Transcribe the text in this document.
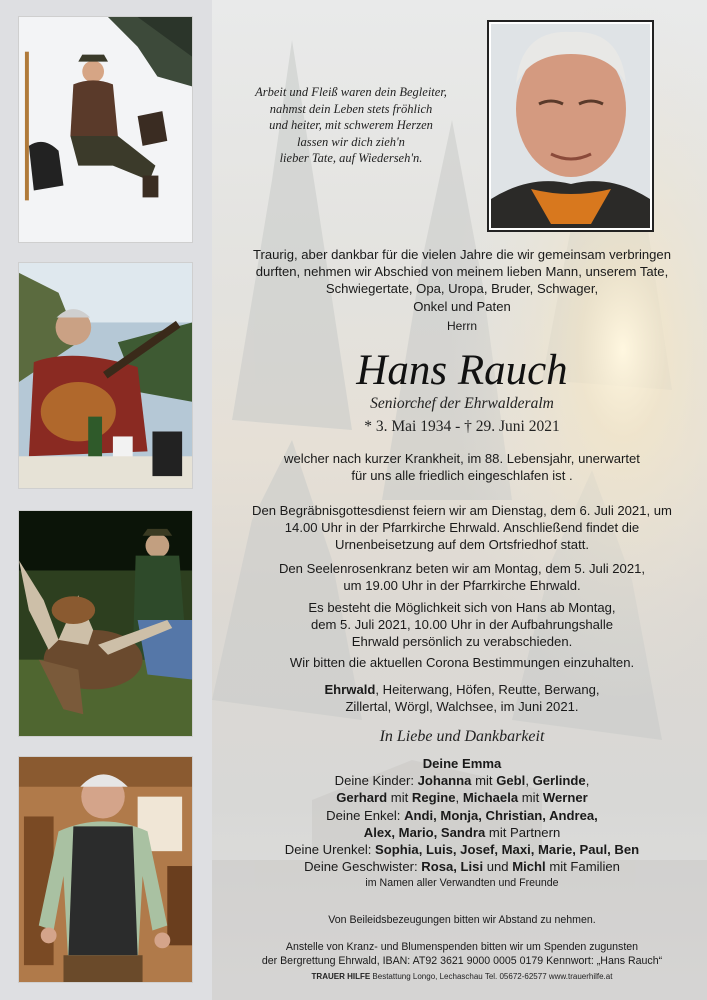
Arbeit und Fleiß waren dein Begleiter,
nahmst dein Leben stets fröhlich
und heiter, mit schwerem Herzen
lassen wir dich zieh'n
lieber Tate, auf Wiederseh'n.
Traurig, aber dankbar für die vielen Jahre die wir gemeinsam verbringen
durften, nehmen wir Abschied von meinem lieben Mann, unserem Tate,
Schwiegertate, Opa, Uropa, Bruder, Schwager,
Onkel und Paten
Herrn
Hans Rauch
Seniorchef der Ehrwalderalm
* 3. Mai 1934 - † 29. Juni 2021
welcher nach kurzer Krankheit, im 88. Lebensjahr, unerwartet
für uns alle friedlich eingeschlafen ist .
Den Begräbnisgottesdienst feiern wir am Dienstag, dem 6. Juli 2021, um
14.00 Uhr in der Pfarrkirche Ehrwald. Anschließend findet die
Urnenbeisetzung auf dem Ortsfriedhof statt.
Den Seelenrosenkranz beten wir am Montag, dem 5. Juli 2021,
um 19.00 Uhr in der Pfarrkirche Ehrwald.
Es besteht die Möglichkeit sich von Hans ab Montag,
dem 5. Juli 2021, 10.00 Uhr in der Aufbahrungshalle
Ehrwald persönlich zu verabschieden.
Wir bitten die aktuellen Corona Bestimmungen einzuhalten.
Ehrwald, Heiterwang, Höfen, Reutte, Berwang,
Zillertal, Wörgl, Walchsee, im Juni 2021.
In Liebe und Dankbarkeit
Deine Emma
Deine Kinder: Johanna mit Gebl, Gerlinde,
Gerhard mit Regine, Michaela mit Werner
Deine Enkel: Andi, Monja, Christian, Andrea,
Alex, Mario, Sandra mit Partnern
Deine Urenkel: Sophia, Luis, Josef, Maxi, Marie, Paul, Ben
Deine Geschwister: Rosa, Lisi und Michl mit Familien
im Namen aller Verwandten und Freunde
Von Beileidsbezeugungen bitten wir Abstand zu nehmen.
Anstelle von Kranz- und Blumenspenden bitten wir um Spenden zugunsten
der Bergrettung Ehrwald, IBAN: AT92 3621 9000 0005 0179 Kennwort: „Hans Rauch“
TRAUER HILFE Bestattung Longo, Lechaschau Tel. 05672-62577 www.trauerhilfe.at
